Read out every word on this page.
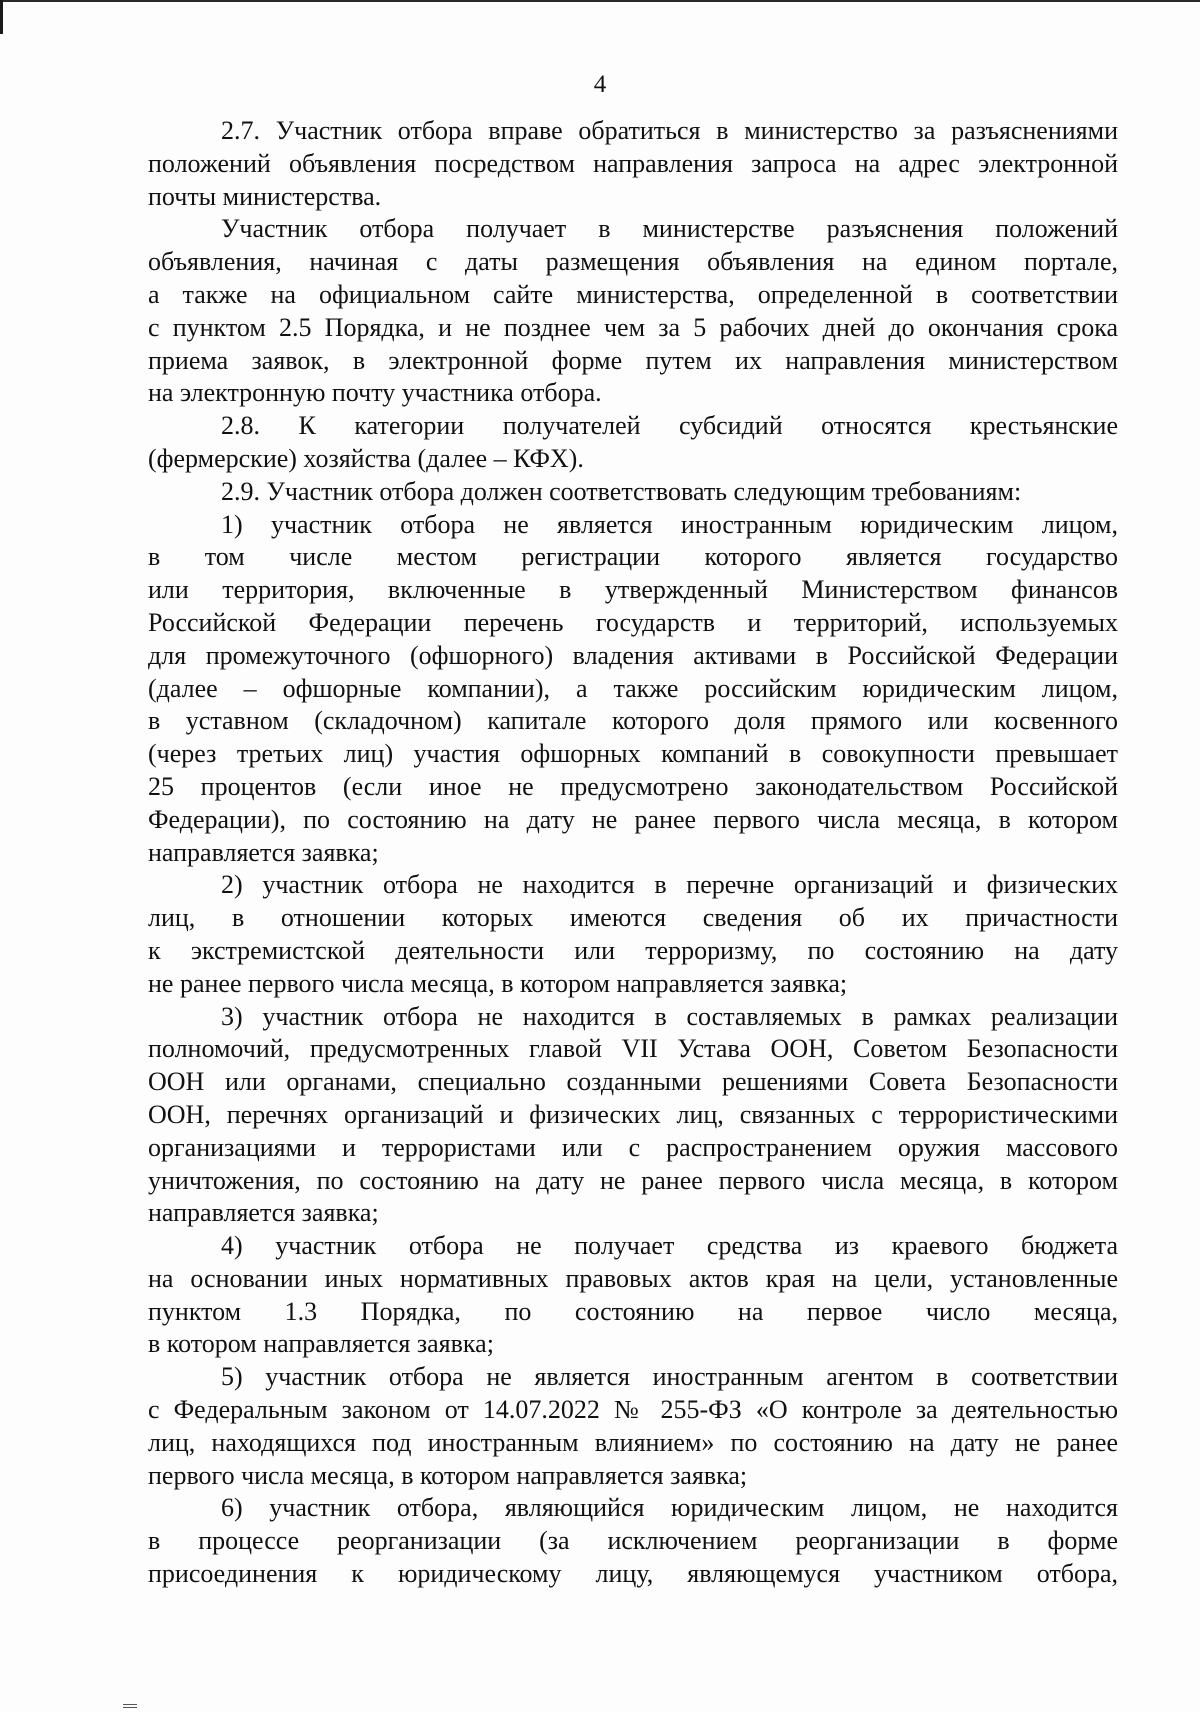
4
2.7. Участник отбора вправе обратиться в министерство за разъяснениями
положений объявления посредством направления запроса на адрес электронной
почты министерства.
Участник отбора получает в министерстве разъяснения положений
объявления, начиная с даты размещения объявления на едином портале,
а также на официальном сайте министерства, определенной в соответствии
с пунктом 2.5 Порядка, и не позднее чем за 5 рабочих дней до окончания срока
приема заявок, в электронной форме путем их направления министерством
на электронную почту участника отбора.
2.8. К категории получателей субсидий относятся крестьянские
(фермерские) хозяйства (далее – КФХ).
2.9. Участник отбора должен соответствовать следующим требованиям:
1) участник отбора не является иностранным юридическим лицом,
в том числе местом регистрации которого является государство
или территория, включенные в утвержденный Министерством финансов
Российской Федерации перечень государств и территорий, используемых
для промежуточного (офшорного) владения активами в Российской Федерации
(далее – офшорные компании), а также российским юридическим лицом,
в уставном (складочном) капитале которого доля прямого или косвенного
(через третьих лиц) участия офшорных компаний в совокупности превышает
25 процентов (если иное не предусмотрено законодательством Российской
Федерации), по состоянию на дату не ранее первого числа месяца, в котором
направляется заявка;
2) участник отбора не находится в перечне организаций и физических
лиц, в отношении которых имеются сведения об их причастности
к экстремистской деятельности или терроризму, по состоянию на дату
не ранее первого числа месяца, в котором направляется заявка;
3) участник отбора не находится в составляемых в рамках реализации
полномочий, предусмотренных главой VII Устава ООН, Советом Безопасности
ООН или органами, специально созданными решениями Совета Безопасности
ООН, перечнях организаций и физических лиц, связанных с террористическими
организациями и террористами или с распространением оружия массового
уничтожения, по состоянию на дату не ранее первого числа месяца, в котором
направляется заявка;
4) участник отбора не получает средства из краевого бюджета
на основании иных нормативных правовых актов края на цели, установленные
пунктом 1.3 Порядка, по состоянию на первое число месяца,
в котором направляется заявка;
5) участник отбора не является иностранным агентом в соответствии
с Федеральным законом от 14.07.2022 № 255-ФЗ «О контроле за деятельностью
лиц, находящихся под иностранным влиянием» по состоянию на дату не ранее
первого числа месяца, в котором направляется заявка;
6) участник отбора, являющийся юридическим лицом, не находится
в процессе реорганизации (за исключением реорганизации в форме
присоединения к юридическому лицу, являющемуся участником отбора,
